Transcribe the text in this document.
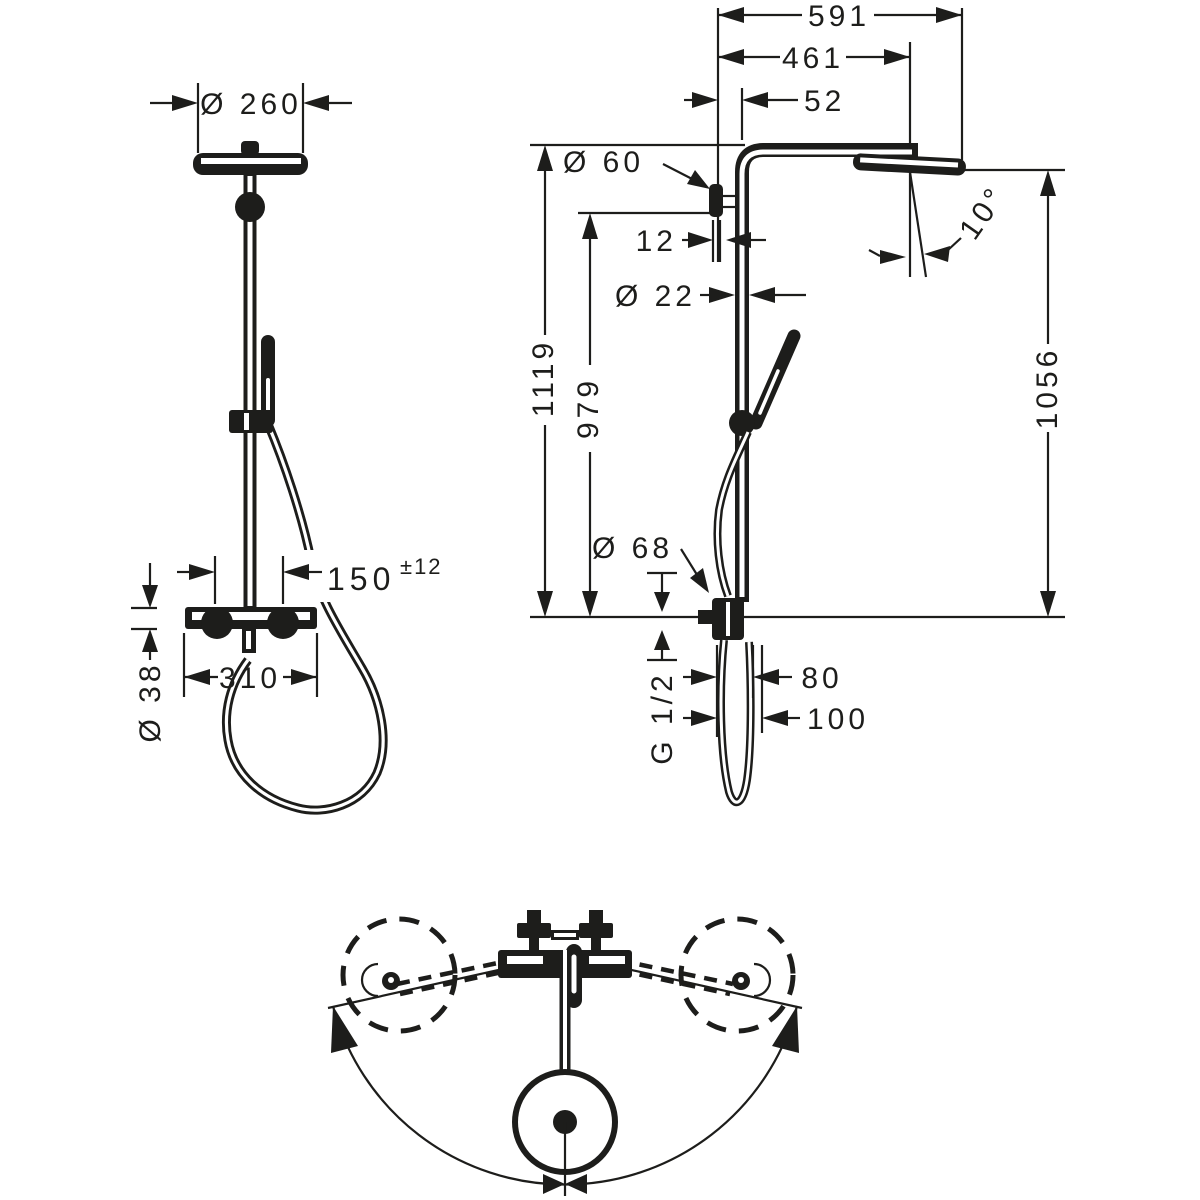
Ø 260
150 ±12
Ø 38 310
591
461
52
Ø 60
12
Ø 22
1119 979	1056
10°
Ø 68
G 1/2	80
100
